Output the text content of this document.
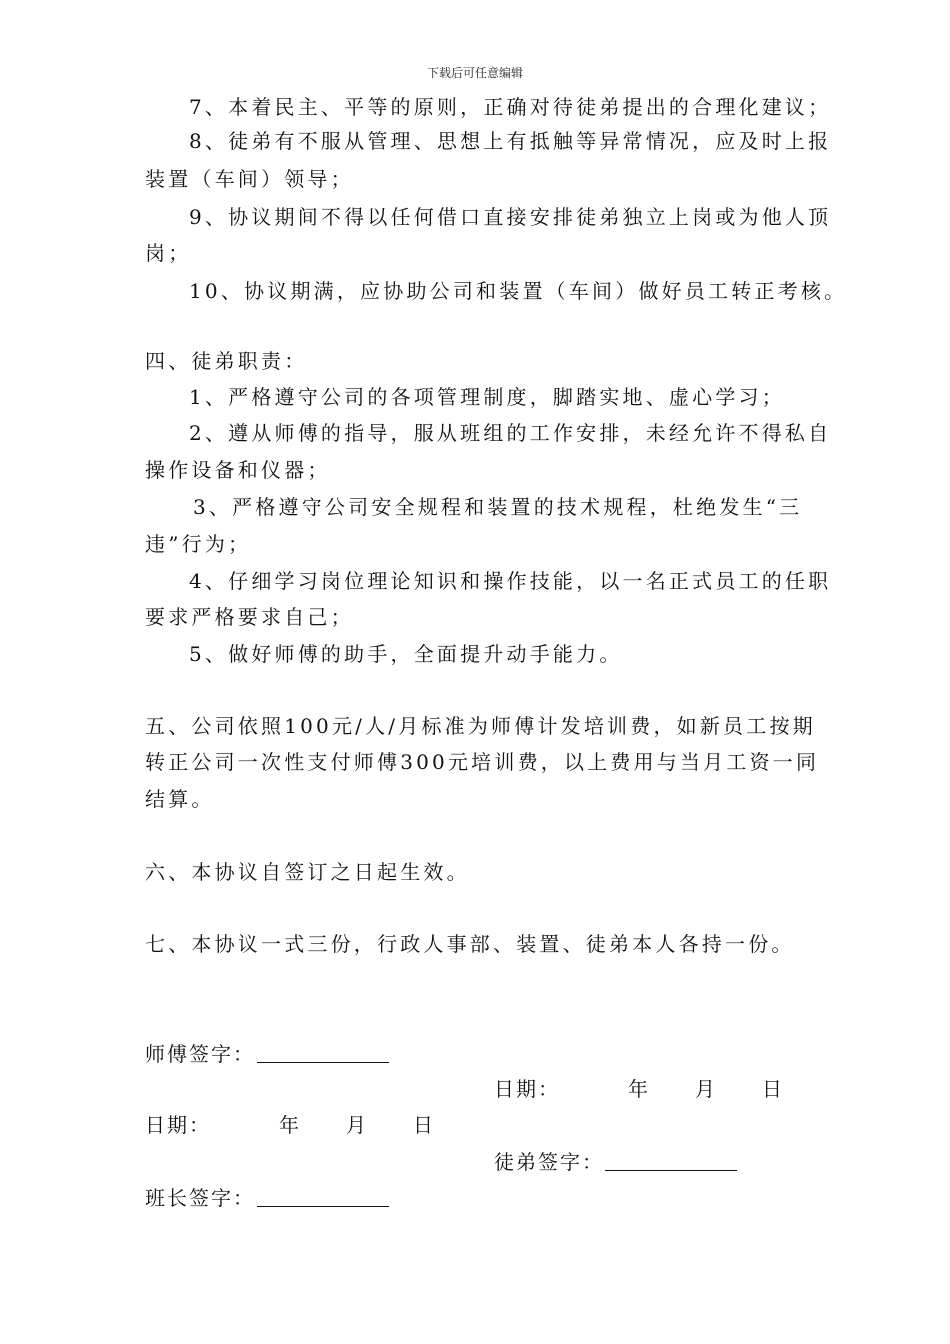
下载后可任意编辑
7、本着民主、平等的原则，正确对待徒弟提出的合理化建议；
8、徒弟有不服从管理、思想上有抵触等异常情况，应及时上报
装置（车间）领导；
9、协议期间不得以任何借口直接安排徒弟独立上岗或为他人顶
岗；
10、协议期满，应协助公司和装置（车间）做好员工转正考核。
四、徒弟职责：
1、严格遵守公司的各项管理制度，脚踏实地、虚心学习；
2、遵从师傅的指导，服从班组的工作安排，未经允许不得私自
操作设备和仪器；
3、严格遵守公司安全规程和装置的技术规程，杜绝发生“三
违”行为；
4、仔细学习岗位理论知识和操作技能，以一名正式员工的任职
要求严格要求自己；
5、做好师傅的助手，全面提升动手能力。
五、公司依照100元/人/月标准为师傅计发培训费，如新员工按期
转正公司一次性支付师傅300元培训费，以上费用与当月工资一同
结算。
六、本协议自签订之日起生效。
七、本协议一式三份，行政人事部、装置、徒弟本人各持一份。
师傅签字：
日期：	年 月 日
日期：	年 月 日
徒弟签字：
班长签字：
